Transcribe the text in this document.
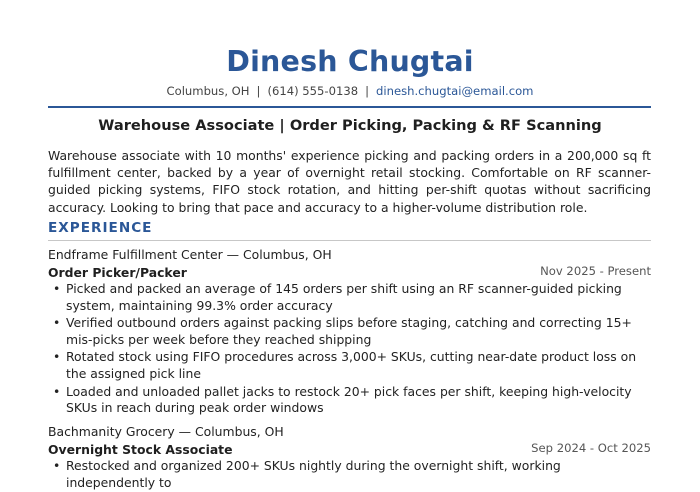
Dinesh Chugtai
Columbus, OH | (614) 555-0138 | dinesh.chugtai@email.com
Warehouse Associate | Order Picking, Packing & RF Scanning
Warehouse associate with 10 months' experience picking and packing orders in a 200,000 sq ft fulfillment center, backed by a year of overnight retail stocking. Comfortable on RF scanner-guided picking systems, FIFO stock rotation, and hitting per-shift quotas without sacrificing accuracy. Looking to bring that pace and accuracy to a higher-volume distribution role.
EXPERIENCE
Endframe Fulfillment Center — Columbus, OH
Order Picker/Packer	Nov 2025 - Present
• Picked and packed an average of 145 orders per shift using an RF scanner-guided picking system, maintaining 99.3% order accuracy
• Verified outbound orders against packing slips before staging, catching and correcting 15+ mis-picks per week before they reached shipping
• Rotated stock using FIFO procedures across 3,000+ SKUs, cutting near-date product loss on the assigned pick line
• Loaded and unloaded pallet jacks to restock 20+ pick faces per shift, keeping high-velocity SKUs in reach during peak order windows
Bachmanity Grocery — Columbus, OH
Overnight Stock Associate	Sep 2024 - Oct 2025
• Restocked and organized 200+ SKUs nightly during the overnight shift, working independently to
